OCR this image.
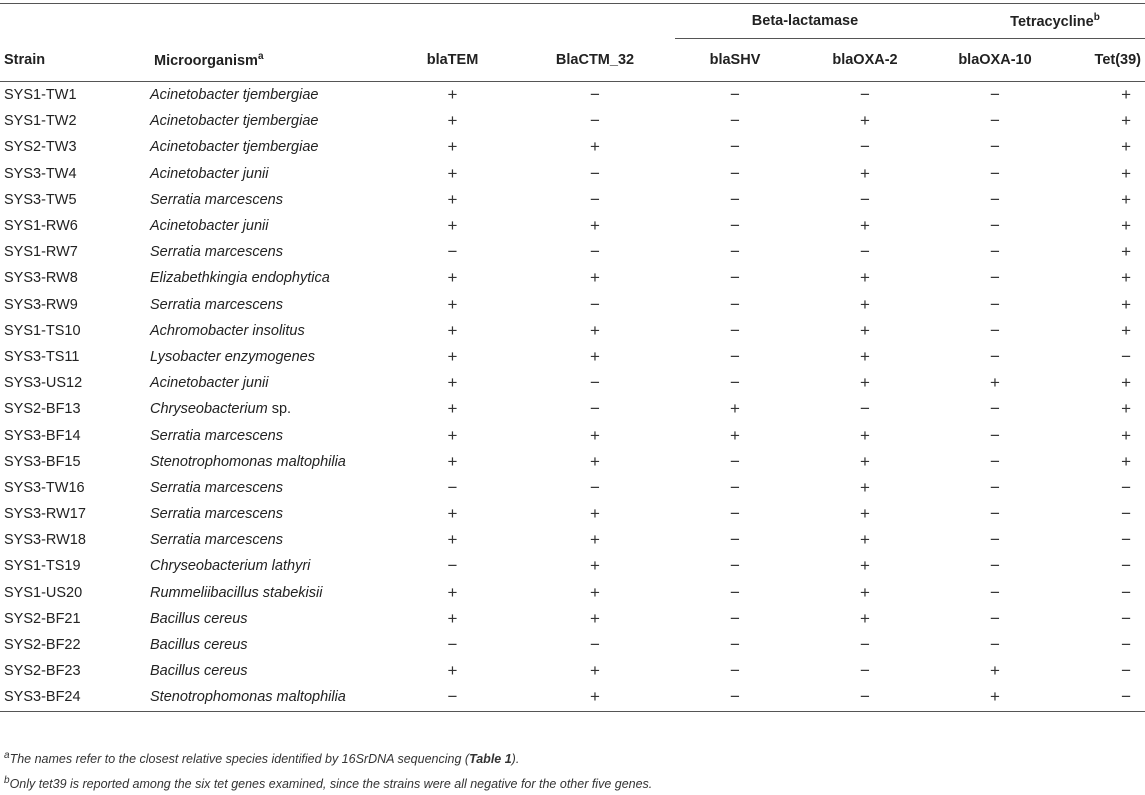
				Beta-lactamase		Tetracycline$^b$
Strain	Microorganism$^a$	blaTEM	BlaCTM_32	blaSHV	blaOXA-2	blaOXA-10	Tet(39)
SYS1-TW1	Acinetobacter tjembergiae	+	−	−	−	−	+
SYS1-TW2	Acinetobacter tjembergiae	+	−	−	+	−	+
SYS2-TW3	Acinetobacter tjembergiae	+	+	−	−	−	+
SYS3-TW4	Acinetobacter junii	+	−	−	+	−	+
SYS3-TW5	Serratia marcescens	+	−	−	−	−	+
SYS1-RW6	Acinetobacter junii	+	+	−	+	−	+
SYS1-RW7	Serratia marcescens	−	−	−	−	−	+
SYS3-RW8	Elizabethkingia endophytica	+	+	−	+	−	+
SYS3-RW9	Serratia marcescens	+	−	−	+	−	+
SYS1-TS10	Achromobacter insolitus	+	+	−	+	−	+
SYS3-TS11	Lysobacter enzymogenes	+	+	−	+	−	−
SYS3-US12	Acinetobacter junii	+	−	−	+	+	+
SYS2-BF13	Chryseobacterium sp.	+	−	+	−	−	+
SYS3-BF14	Serratia marcescens	+	+	+	+	−	+
SYS3-BF15	Stenotrophomonas maltophilia	+	+	−	+	−	+
SYS3-TW16	Serratia marcescens	−	−	−	+	−	−
SYS3-RW17	Serratia marcescens	+	+	−	+	−	−
SYS3-RW18	Serratia marcescens	+	+	−	+	−	−
SYS1-TS19	Chryseobacterium lathyri	−	+	−	+	−	−
SYS1-US20	Rummeliibacillus stabekisii	+	+	−	+	−	−
SYS2-BF21	Bacillus cereus	+	+	−	+	−	−
SYS2-BF22	Bacillus cereus	−	−	−	−	−	−
SYS2-BF23	Bacillus cereus	+	+	−	−	+	−
SYS3-BF24	Stenotrophomonas maltophilia	−	+	−	−	+	−
$^a$The names refer to the closest relative species identified by 16SrDNA sequencing (Table 1).
$^b$Only tet39 is reported among the six tet genes examined, since the strains were all negative for the other five genes.
